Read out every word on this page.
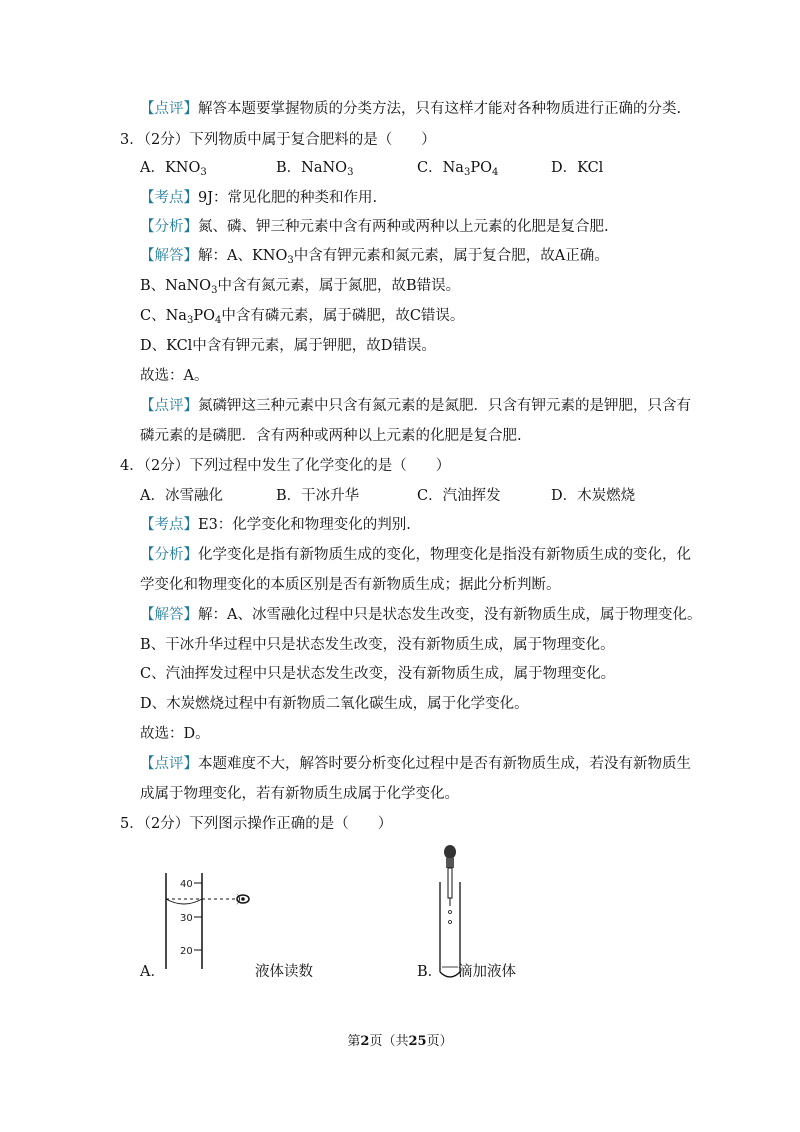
【点评】解答本题要掌握物质的分类方法，只有这样才能对各种物质进行正确的分类.
3．（2分）下列物质中属于复合肥料的是（　　）
A．$KNO_3$	B．NaNO$_3$	C．$Na_3PO_4$	D．KCl
【考点】9J：常见化肥的种类和作用.
【分析】氮、磷、钾三种元素中含有两种或两种以上元素的化肥是复合肥.
【解答】解：A、$KNO_3$中含有钾元素和氮元素，属于复合肥，故A正确。
B、NaNO$_3$中含有氮元素，属于氮肥，故B错误。
C、$Na_3PO_4$中含有磷元素，属于磷肥，故C错误。
D、KCl中含有钾元素，属于钾肥，故D错误。
故选：A。
【点评】氮磷钾这三种元素中只含有氮元素的是氮肥．只含有钾元素的是钾肥，只含有
磷元素的是磷肥．含有两种或两种以上元素的化肥是复合肥.
4．（2分）下列过程中发生了化学变化的是（　　）
A．冰雪融化	B．干冰升华	C．汽油挥发	D．木炭燃烧
【考点】E3：化学变化和物理变化的判别.
【分析】化学变化是指有新物质生成的变化，物理变化是指没有新物质生成的变化，化
学变化和物理变化的本质区别是否有新物质生成；据此分析判断。
【解答】解：A、冰雪融化过程中只是状态发生改变，没有新物质生成，属于物理变化。
B、干冰升华过程中只是状态发生改变，没有新物质生成，属于物理变化。
C、汽油挥发过程中只是状态发生改变，没有新物质生成，属于物理变化。
D、木炭燃烧过程中有新物质二氧化碳生成，属于化学变化。
故选：D。
【点评】本题难度不大，解答时要分析变化过程中是否有新物质生成，若没有新物质生
成属于物理变化，若有新物质生成属于化学变化。
5．（2分）下列图示操作正确的是（　　）
40
30
20
A．	液体读数	B． 滴加液体
第2页（共25页）
